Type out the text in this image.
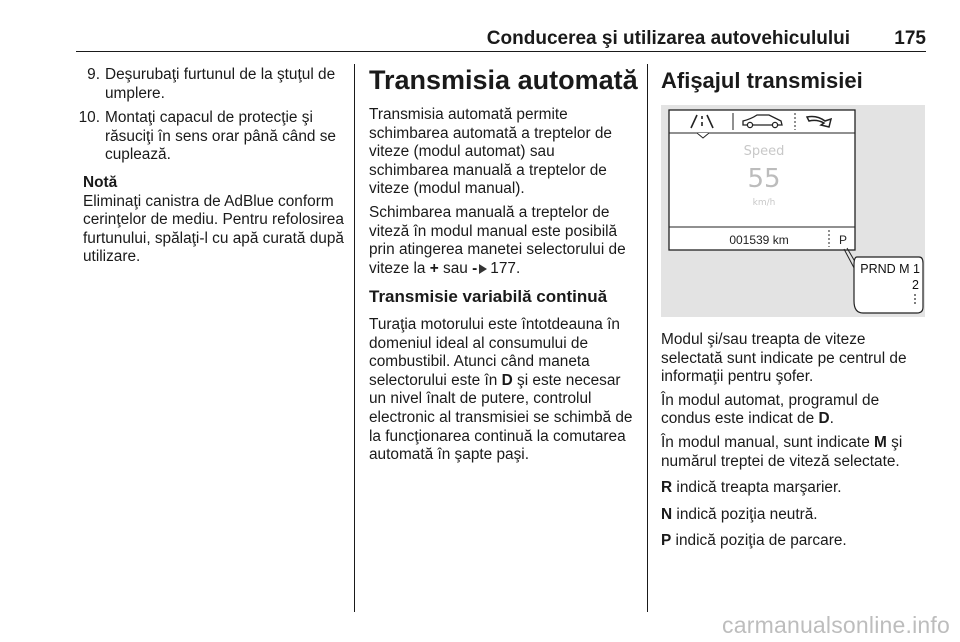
Conducerea şi utilizarea autovehiculului	175
9. Deşurubaţi furtunul de la ştuţul de umplere.
10. Montaţi capacul de protecţie şi răsuciţi în sens orar până când se cuplează.
Notă
Eliminaţi canistra de AdBlue conform cerinţelor de mediu. Pentru refolosirea furtunului, spălaţi-l cu apă curată după utilizare.

Transmisia automată

Transmisia automată permite schimbarea automată a treptelor de viteze (modul automat) sau schimbarea manuală a treptelor de viteze (modul manual).

Schimbarea manuală a treptelor de viteză în modul manual este posibilă prin atingerea manetei selectorului de viteze la + sau - 177.

Transmisie variabilă continuă

Turaţia motorului este întotdeauna în domeniul ideal al consumului de combustibil. Atunci când maneta selectorului este în D şi este necesar un nivel înalt de putere, controlul electronic al transmisiei se schimbă de la funcţionarea continuă la comutarea automată în şapte paşi.

Afişajul transmisiei

Speed
55
km/h
001539 km	P
PRND M 1
2

Modul şi/sau treapta de viteze selectată sunt indicate pe centrul de informaţii pentru şofer.

În modul automat, programul de condus este indicat de D.

În modul manual, sunt indicate M şi numărul treptei de viteză selectate.

R indică treapta marşarier.

N indică poziţia neutră.

P indică poziţia de parcare.

carmanualsonline.info
